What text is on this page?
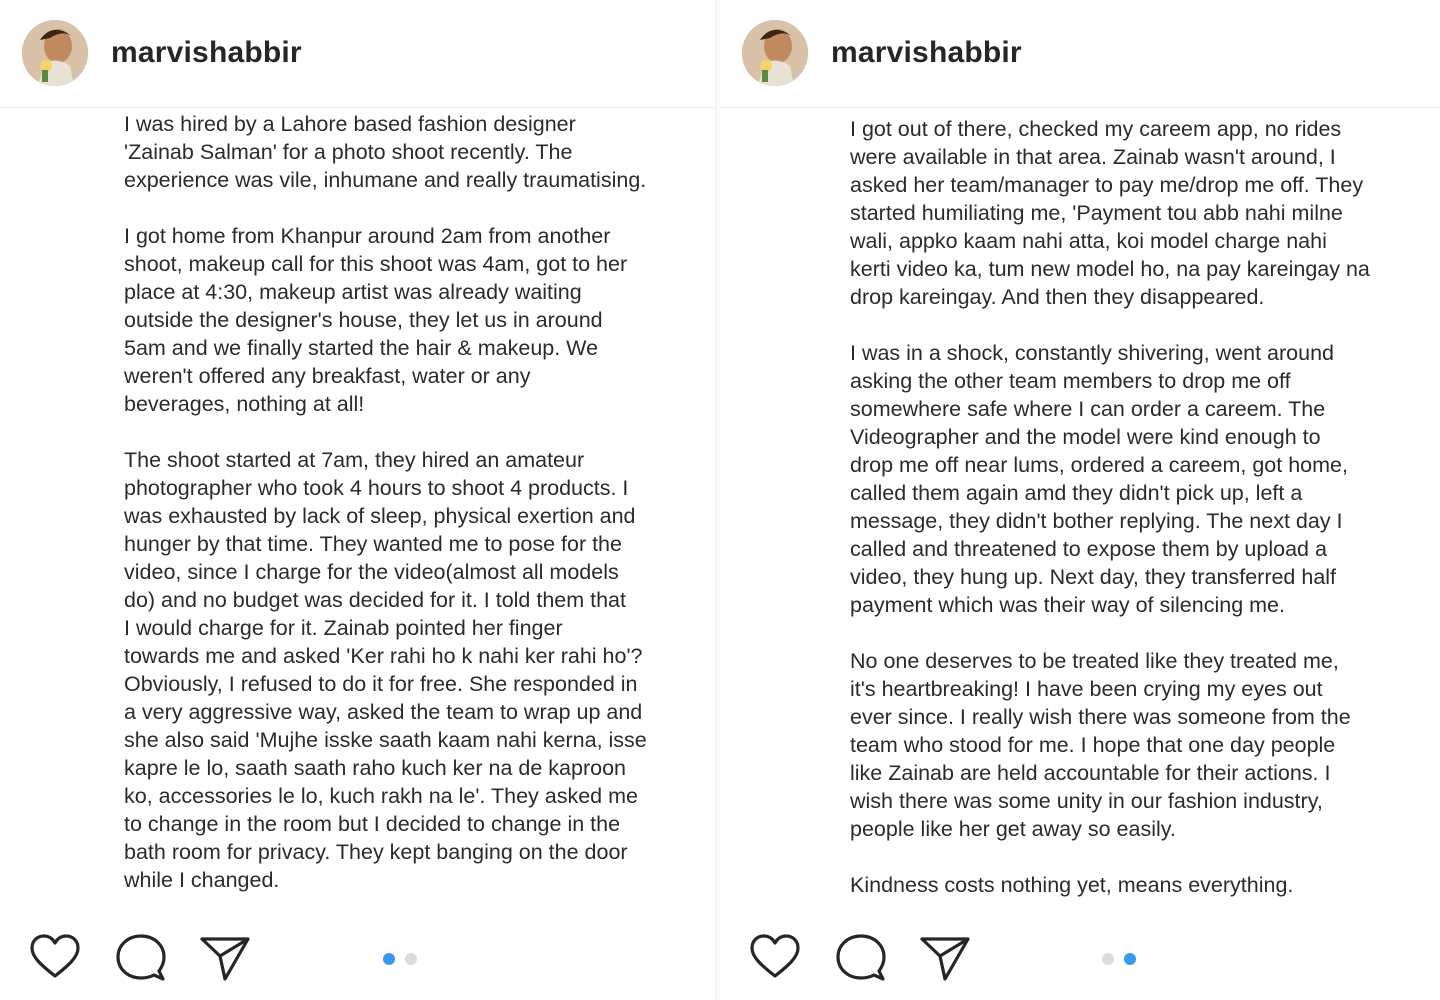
marvishabbir
I was hired by a Lahore based fashion designer
'Zainab Salman' for a photo shoot recently. The
experience was vile, inhumane and really traumatising.
I got home from Khanpur around 2am from another
shoot, makeup call for this shoot was 4am, got to her
place at 4:30, makeup artist was already waiting
outside the designer's house, they let us in around
5am and we finally started the hair & makeup. We
weren't offered any breakfast, water or any
beverages, nothing at all!
The shoot started at 7am, they hired an amateur
photographer who took 4 hours to shoot 4 products. I
was exhausted by lack of sleep, physical exertion and
hunger by that time. They wanted me to pose for the
video, since I charge for the video(almost all models
do) and no budget was decided for it. I told them that
I would charge for it. Zainab pointed her finger
towards me and asked 'Ker rahi ho k nahi ker rahi ho'?
Obviously, I refused to do it for free. She responded in
a very aggressive way, asked the team to wrap up and
she also said 'Mujhe isske saath kaam nahi kerna, isse
kapre le lo, saath saath raho kuch ker na de kaproon
ko, accessories le lo, kuch rakh na le'. They asked me
to change in the room but I decided to change in the
bath room for privacy. They kept banging on the door
while I changed.
marvishabbir
I got out of there, checked my careem app, no rides
were available in that area. Zainab wasn't around, I
asked her team/manager to pay me/drop me off. They
started humiliating me, 'Payment tou abb nahi milne
wali, appko kaam nahi atta, koi model charge nahi
kerti video ka, tum new model ho, na pay kareingay na
drop kareingay. And then they disappeared.
I was in a shock, constantly shivering, went around
asking the other team members to drop me off
somewhere safe where I can order a careem. The
Videographer and the model were kind enough to
drop me off near lums, ordered a careem, got home,
called them again amd they didn't pick up, left a
message, they didn't bother replying. The next day I
called and threatened to expose them by upload a
video, they hung up. Next day, they transferred half
payment which was their way of silencing me.
No one deserves to be treated like they treated me,
it's heartbreaking! I have been crying my eyes out
ever since. I really wish there was someone from the
team who stood for me. I hope that one day people
like Zainab are held accountable for their actions. I
wish there was some unity in our fashion industry,
people like her get away so easily.
Kindness costs nothing yet, means everything.
